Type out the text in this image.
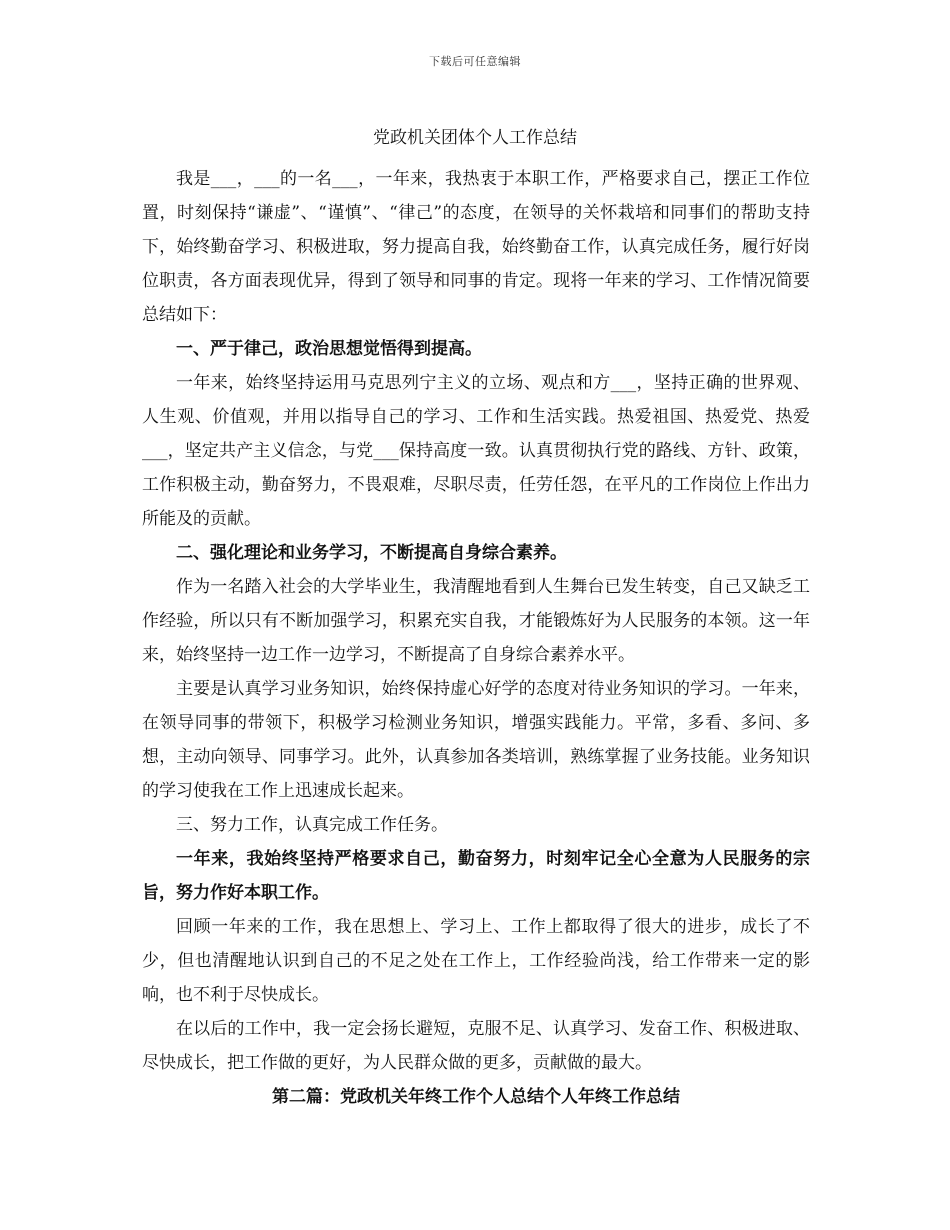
下载后可任意编辑
党政机关团体个人工作总结

我是___，___的一名___，一年来，我热衷于本职工作，严格要求自己，摆正工作位置，时刻保持“谦虚”、“谨慎”、“律己”的态度，在领导的关怀栽培和同事们的帮助支持下，始终勤奋学习、积极进取，努力提高自我，始终勤奋工作，认真完成任务，履行好岗位职责，各方面表现优异，得到了领导和同事的肯定。现将一年来的学习、工作情况简要总结如下：

一、严于律己，政治思想觉悟得到提高。

一年来，始终坚持运用马克思列宁主义的立场、观点和方___，坚持正确的世界观、人生观、价值观，并用以指导自己的学习、工作和生活实践。热爱祖国、热爱党、热爱___，坚定共产主义信念，与党___保持高度一致。认真贯彻执行党的路线、方针、政策，工作积极主动，勤奋努力，不畏艰难，尽职尽责，任劳任怨，在平凡的工作岗位上作出力所能及的贡献。

二、强化理论和业务学习，不断提高自身综合素养。

作为一名踏入社会的大学毕业生，我清醒地看到人生舞台已发生转变，自己又缺乏工作经验，所以只有不断加强学习，积累充实自我，才能锻炼好为人民服务的本领。这一年来，始终坚持一边工作一边学习，不断提高了自身综合素养水平。

主要是认真学习业务知识，始终保持虚心好学的态度对待业务知识的学习。一年来，在领导同事的带领下，积极学习检测业务知识，增强实践能力。平常，多看、多问、多想，主动向领导、同事学习。此外，认真参加各类培训，熟练掌握了业务技能。业务知识的学习使我在工作上迅速成长起来。

三、努力工作，认真完成工作任务。

一年来，我始终坚持严格要求自己，勤奋努力，时刻牢记全心全意为人民服务的宗旨，努力作好本职工作。

回顾一年来的工作，我在思想上、学习上、工作上都取得了很大的进步，成长了不少，但也清醒地认识到自己的不足之处在工作上，工作经验尚浅，给工作带来一定的影响，也不利于尽快成长。

在以后的工作中，我一定会扬长避短，克服不足、认真学习、发奋工作、积极进取、尽快成长，把工作做的更好，为人民群众做的更多，贡献做的最大。

第二篇：党政机关年终工作个人总结个人年终工作总结
